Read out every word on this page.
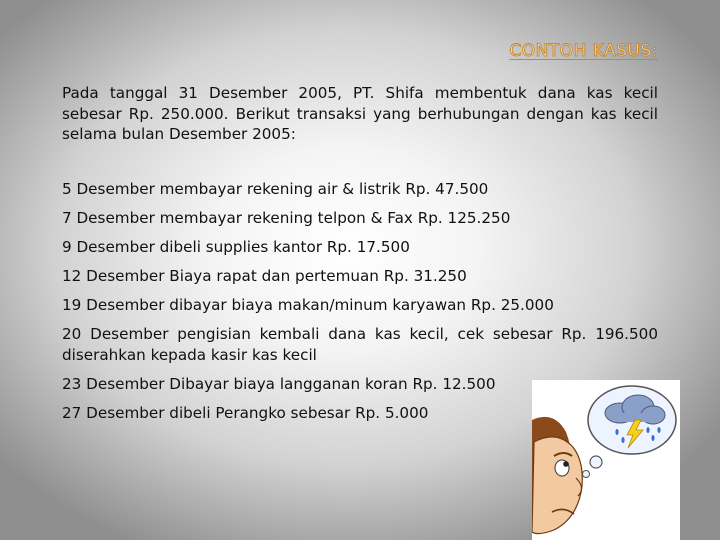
CONTOH KASUS:

Pada tanggal 31 Desember 2005, PT. Shifa membentuk dana kas kecil sebesar Rp. 250.000. Berikut transaksi yang berhubungan dengan kas kecil selama bulan Desember 2005:

5 Desember membayar rekening air & listrik Rp. 47.500
7 Desember membayar rekening telpon & Fax Rp. 125.250
9 Desember dibeli supplies kantor Rp. 17.500
12 Desember Biaya rapat dan pertemuan Rp. 31.250
19 Desember dibayar biaya makan/minum karyawan Rp. 25.000
20 Desember pengisian kembali dana kas kecil, cek sebesar Rp. 196.500 diserahkan kepada kasir kas kecil
23 Desember Dibayar biaya langganan koran Rp. 12.500
27 Desember dibeli Perangko sebesar Rp. 5.000
